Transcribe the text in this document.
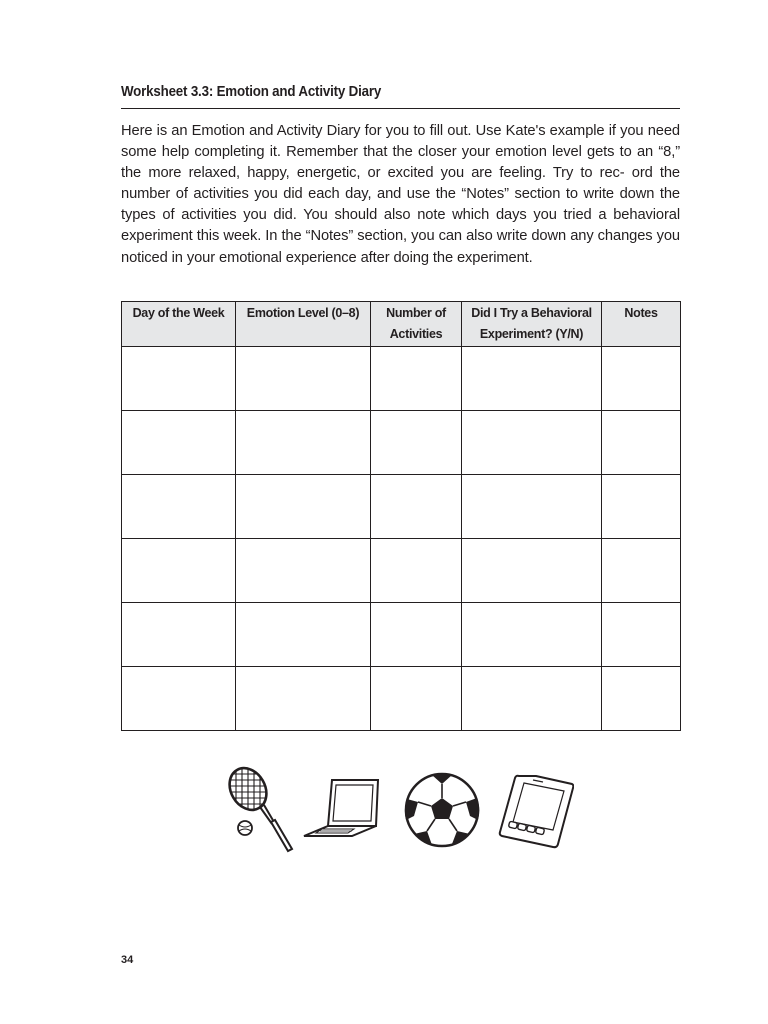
Worksheet 3.3: Emotion and Activity Diary
Here is an Emotion and Activity Diary for you to fill out. Use Kate's example if you need some help completing it. Remember that the closer your emotion level gets to an “8,” the more relaxed, happy, energetic, or excited you are feeling. Try to rec- ord the number of activities you did each day, and use the “Notes” section to write down the types of activities you did. You should also note which days you tried a behavioral experiment this week. In the “Notes” section, you can also write down any changes you noticed in your emotional experience after doing the experiment.
Day of the Week	Emotion Level (0–8)	Number of Activities	Did I Try a Behavioral Experiment? (Y/N)	Notes

34
